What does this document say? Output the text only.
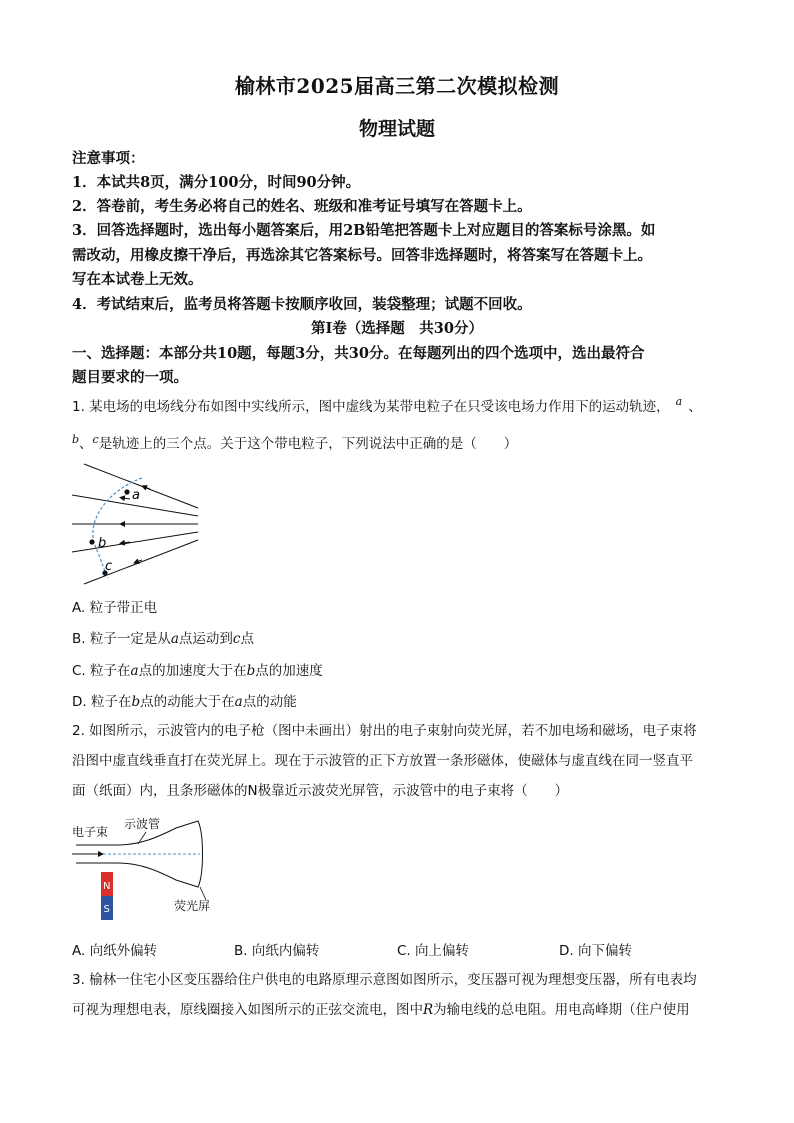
榆林市2025届高三第二次模拟检测
物理试题
注意事项：
1．本试共8页，满分100分，时间90分钟。
2．答卷前，考生务必将自己的姓名、班级和准考证号填写在答题卡上。
3．回答选择题时，选出每小题答案后，用2B铅笔把答题卡上对应题目的答案标号涂黑。如
需改动，用橡皮擦干净后，再选涂其它答案标号。回答非选择题时，将答案写在答题卡上。
写在本试卷上无效。
4．考试结束后，监考员将答题卡按顺序收回，装袋整理；试题不回收。
第Ⅰ卷（选择题　共30分）
一、选择题：本部分共10题，每题3分，共30分。在每题列出的四个选项中，选出最符合
题目要求的一项。
1. 某电场的电场线分布如图中实线所示，图中虚线为某带电粒子在只受该电场力作用下的运动轨迹， $^a$ 、
$^b$、$^c$是轨迹上的三个点。关于这个带电粒子，下列说法中正确的是（　　）
a
b
c
A. 粒子带正电
B. 粒子一定是从a点运动到c点
C. 粒子在a点的加速度大于在b点的加速度
D. 粒子在b点的动能大于在a点的动能
2. 如图所示，示波管内的电子枪（图中未画出）射出的电子束射向荧光屏，若不加电场和磁场，电子束将
沿图中虚直线垂直打在荧光屏上。现在于示波管的正下方放置一条形磁体，使磁体与虚直线在同一竖直平
面（纸面）内，且条形磁体的N极靠近示波荧光屏管，示波管中的电子束将（　　）
电子束
示波管
荧光屏
N
S
A. 向纸外偏转	B. 向纸内偏转	C. 向上偏转	D. 向下偏转
3. 榆林一住宅小区变压器给住户供电的电路原理示意图如图所示，变压器可视为理想变压器，所有电表均
可视为理想电表，原线圈接入如图所示的正弦交流电，图中R为输电线的总电阻。用电高峰期（住户使用
